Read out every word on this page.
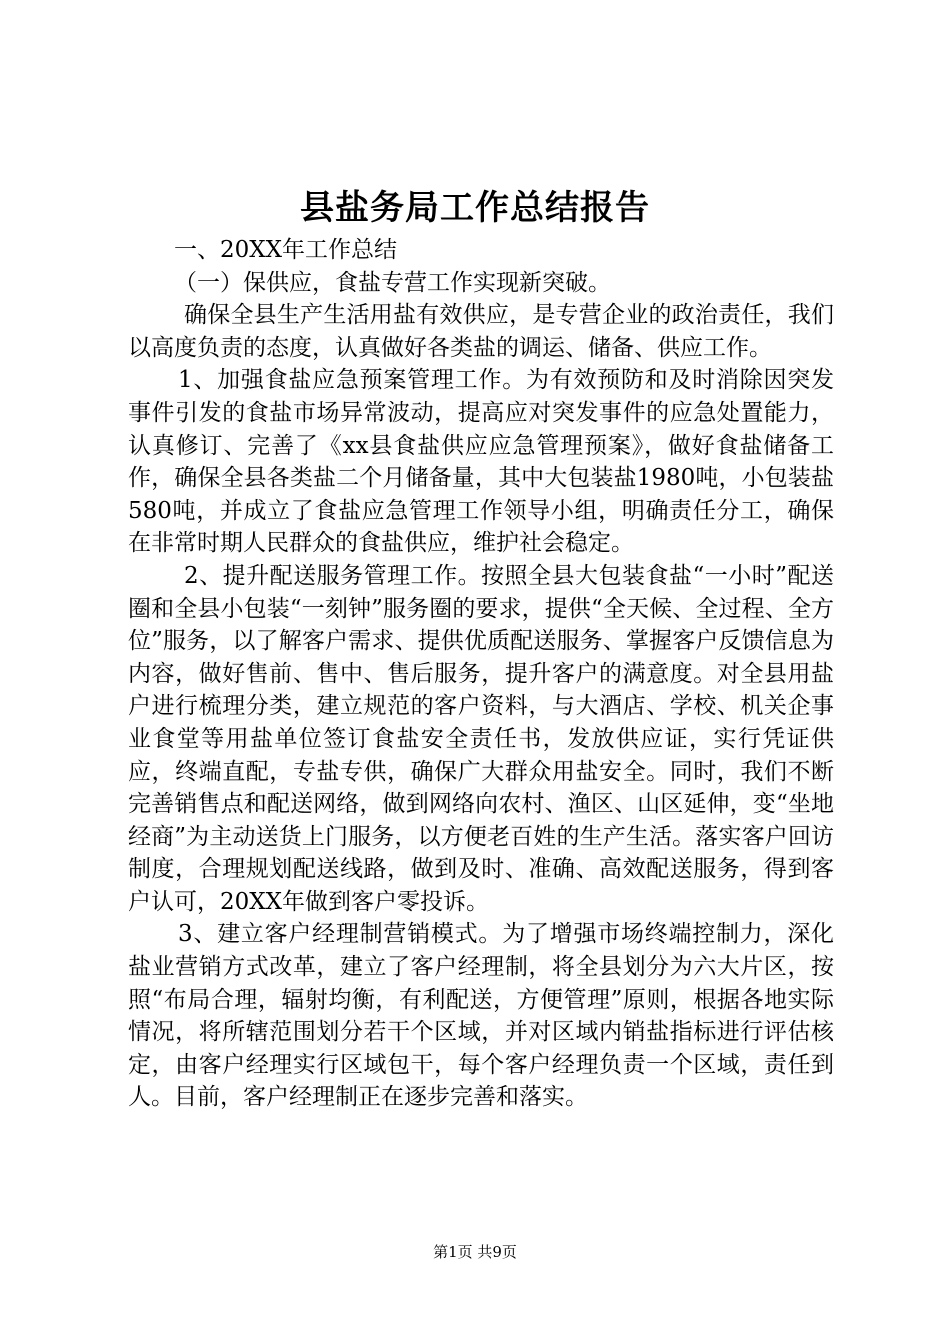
县盐务局工作总结报告

一、20XX年工作总结

（一）保供应，食盐专营工作实现新突破。

确保全县生产生活用盐有效供应，是专营企业的政治责任，我们以高度负责的态度，认真做好各类盐的调运、储备、供应工作。

1、加强食盐应急预案管理工作。为有效预防和及时消除因突发事件引发的食盐市场异常波动，提高应对突发事件的应急处置能力，认真修订、完善了《xx县食盐供应应急管理预案》，做好食盐储备工作，确保全县各类盐二个月储备量，其中大包装盐1980吨，小包装盐580吨，并成立了食盐应急管理工作领导小组，明确责任分工，确保在非常时期人民群众的食盐供应，维护社会稳定。

2、提升配送服务管理工作。按照全县大包装食盐“一小时”配送圈和全县小包装“一刻钟”服务圈的要求，提供“全天候、全过程、全方位”服务，以了解客户需求、提供优质配送服务、掌握客户反馈信息为内容，做好售前、售中、售后服务，提升客户的满意度。对全县用盐户进行梳理分类，建立规范的客户资料，与大酒店、学校、机关企事业食堂等用盐单位签订食盐安全责任书，发放供应证，实行凭证供应，终端直配，专盐专供，确保广大群众用盐安全。同时，我们不断完善销售点和配送网络，做到网络向农村、渔区、山区延伸，变“坐地经商”为主动送货上门服务，以方便老百姓的生产生活。落实客户回访制度，合理规划配送线路，做到及时、准确、高效配送服务，得到客户认可，20XX年做到客户零投诉。

3、建立客户经理制营销模式。为了增强市场终端控制力，深化盐业营销方式改革，建立了客户经理制，将全县划分为六大片区，按照“布局合理，辐射均衡，有利配送，方便管理”原则，根据各地实际情况，将所辖范围划分若干个区域，并对区域内销盐指标进行评估核定，由客户经理实行区域包干，每个客户经理负责一个区域，责任到人。目前，客户经理制正在逐步完善和落实。

第1页 共9页
